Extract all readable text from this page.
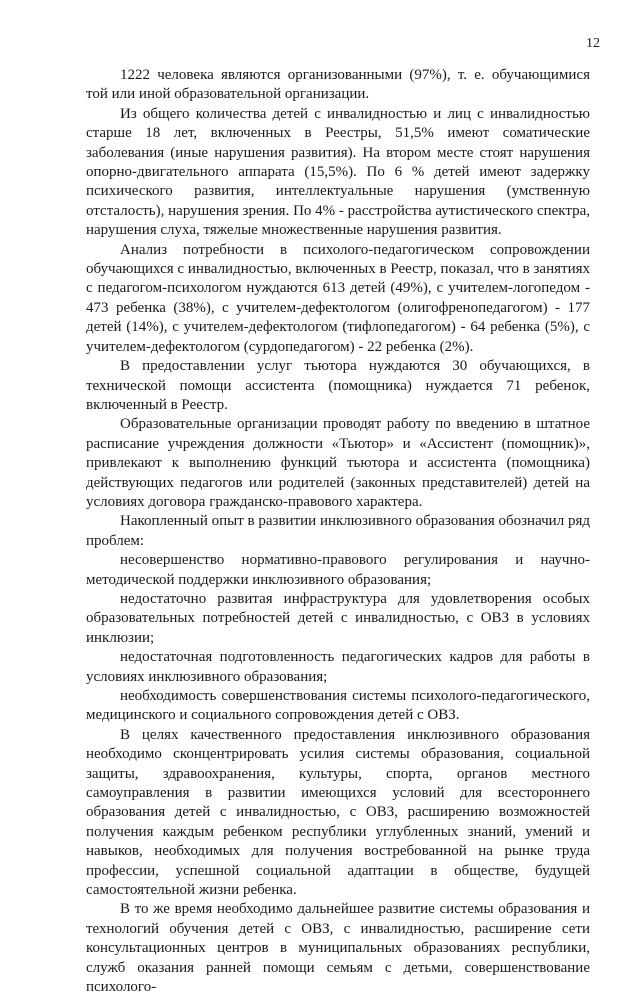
12

1222 человека являются организованными (97%), т. е. обучающимися той или иной образовательной организации.

Из общего количества детей с инвалидностью и лиц с инвалидностью старше 18 лет, включенных в Реестры, 51,5% имеют соматические заболевания (иные нарушения развития). На втором месте стоят нарушения опорно-двигательного аппарата (15,5%). По 6 % детей имеют задержку психического развития, интеллектуальные нарушения (умственную отсталость), нарушения зрения. По 4% - расстройства аутистического спектра, нарушения слуха, тяжелые множественные нарушения развития.

Анализ потребности в психолого-педагогическом сопровождении обучающихся с инвалидностью, включенных в Реестр, показал, что в занятиях с педагогом-психологом нуждаются 613 детей (49%), с учителем-логопедом - 473 ребенка (38%), с учителем-дефектологом (олигофренопедагогом) - 177 детей (14%), с учителем-дефектологом (тифлопедагогом) - 64 ребенка (5%), с учителем-дефектологом (сурдопедагогом) - 22 ребенка (2%).

В предоставлении услуг тьютора нуждаются 30 обучающихся, в технической помощи ассистента (помощника) нуждается 71 ребенок, включенный в Реестр.

Образовательные организации проводят работу по введению в штатное расписание учреждения должности «Тьютор» и «Ассистент (помощник)», привлекают к выполнению функций тьютора и ассистента (помощника) действующих педагогов или родителей (законных представителей) детей на условиях договора гражданско-правового характера.

Накопленный опыт в развитии инклюзивного образования обозначил ряд проблем:

несовершенство нормативно-правового регулирования и научно-методической поддержки инклюзивного образования;

недостаточно развитая инфраструктура для удовлетворения особых образовательных потребностей детей с инвалидностью, с ОВЗ в условиях инклюзии;

недостаточная подготовленность педагогических кадров для работы в условиях инклюзивного образования;

необходимость совершенствования системы психолого-педагогического, медицинского и социального сопровождения детей с ОВЗ.

В целях качественного предоставления инклюзивного образования необходимо сконцентрировать усилия системы образования, социальной защиты, здравоохранения, культуры, спорта, органов местного самоуправления в развитии имеющихся условий для всестороннего образования детей с инвалидностью, с ОВЗ, расширению возможностей получения каждым ребенком республики углубленных знаний, умений и навыков, необходимых для получения востребованной на рынке труда профессии, успешной социальной адаптации в обществе, будущей самостоятельной жизни ребенка.

В то же время необходимо дальнейшее развитие системы образования и технологий обучения детей с ОВЗ, с инвалидностью, расширение сети консультационных центров в муниципальных образованиях республики, служб оказания ранней помощи семьям с детьми, совершенствование психолого-
